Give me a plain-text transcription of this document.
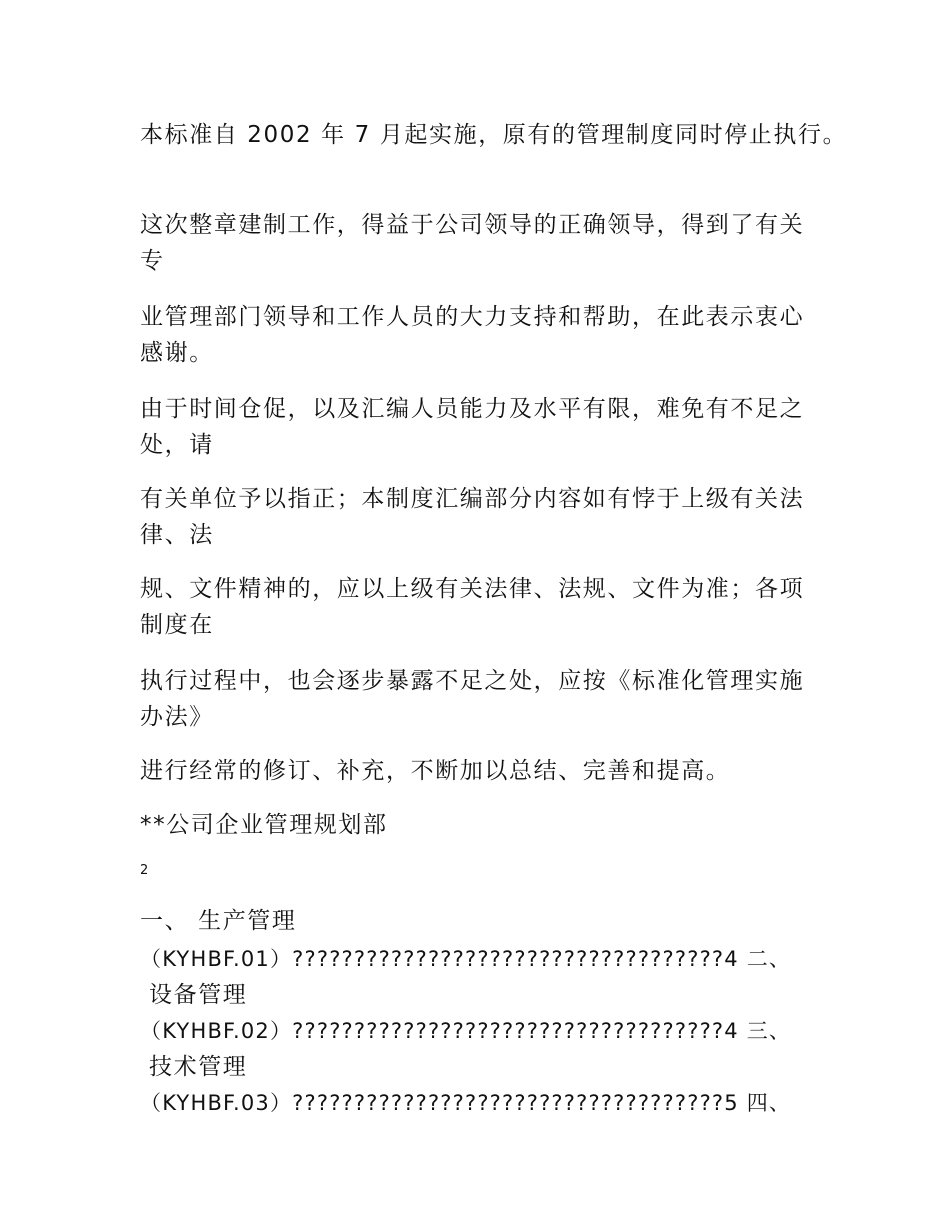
本标准自 2002 年 7 月起实施，原有的管理制度同时停止执行。
这次整章建制工作，得益于公司领导的正确领导，得到了有关
专
业管理部门领导和工作人员的大力支持和帮助，在此表示衷心
感谢。
由于时间仓促，以及汇编人员能力及水平有限，难免有不足之
处，请
有关单位予以指正；本制度汇编部分内容如有悖于上级有关法
律、法
规、文件精神的，应以上级有关法律、法规、文件为准；各项
制度在
执行过程中，也会逐步暴露不足之处，应按《标准化管理实施
办法》
进行经常的修订、补充，不断加以总结、完善和提高。
**公司企业管理规划部
2
一、 生产管理
（KYHBF.01）???????????????????????????????????4 二、
设备管理
（KYHBF.02）???????????????????????????????????4 三、
技术管理
（KYHBF.03）???????????????????????????????????5 四、
